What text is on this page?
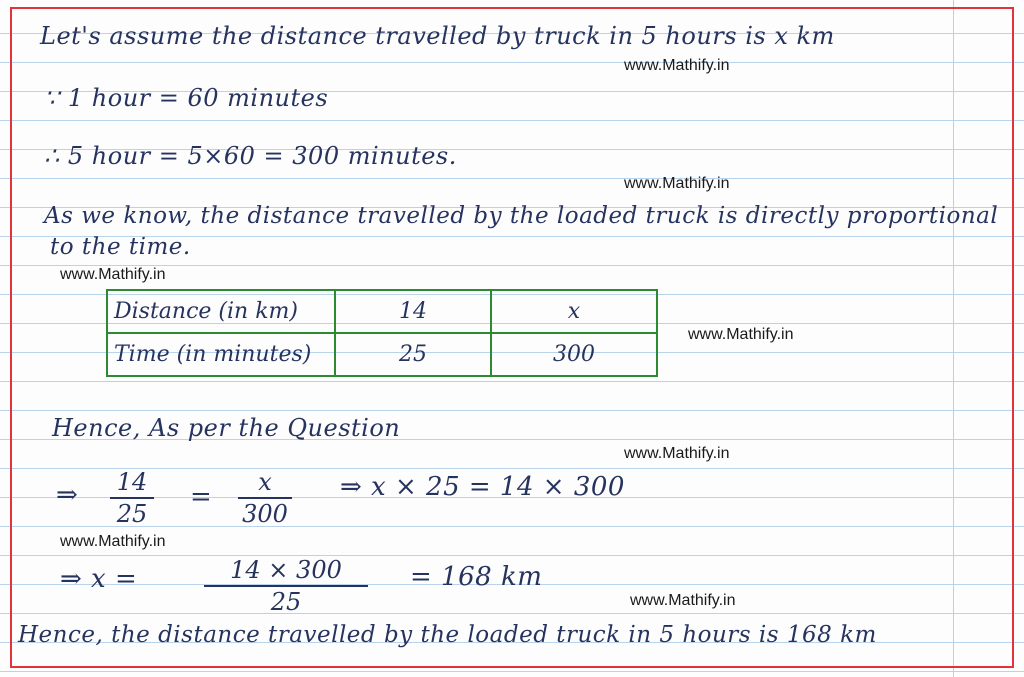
Let's assume the distance travelled by truck in 5 hours is x km
www.Mathify.in
∵ 1 hour = 60 minutes
∴ 5 hour = 5×60 = 300 minutes.
www.Mathify.in
As we know, the distance travelled by the loaded truck is directly proportional
to the time.
www.Mathify.in
Distance (in km)	14	x
Time (in minutes)	25	300
www.Mathify.in
Hence, As per the Question
www.Mathify.in
⇒ 14
25
=	x
300
⇒ x × 25 = 14 × 300
www.Mathify.in
⇒ x =	14 × 300
25
= 168 km
www.Mathify.in
Hence, the distance travelled by the loaded truck in 5 hours is 168 km
